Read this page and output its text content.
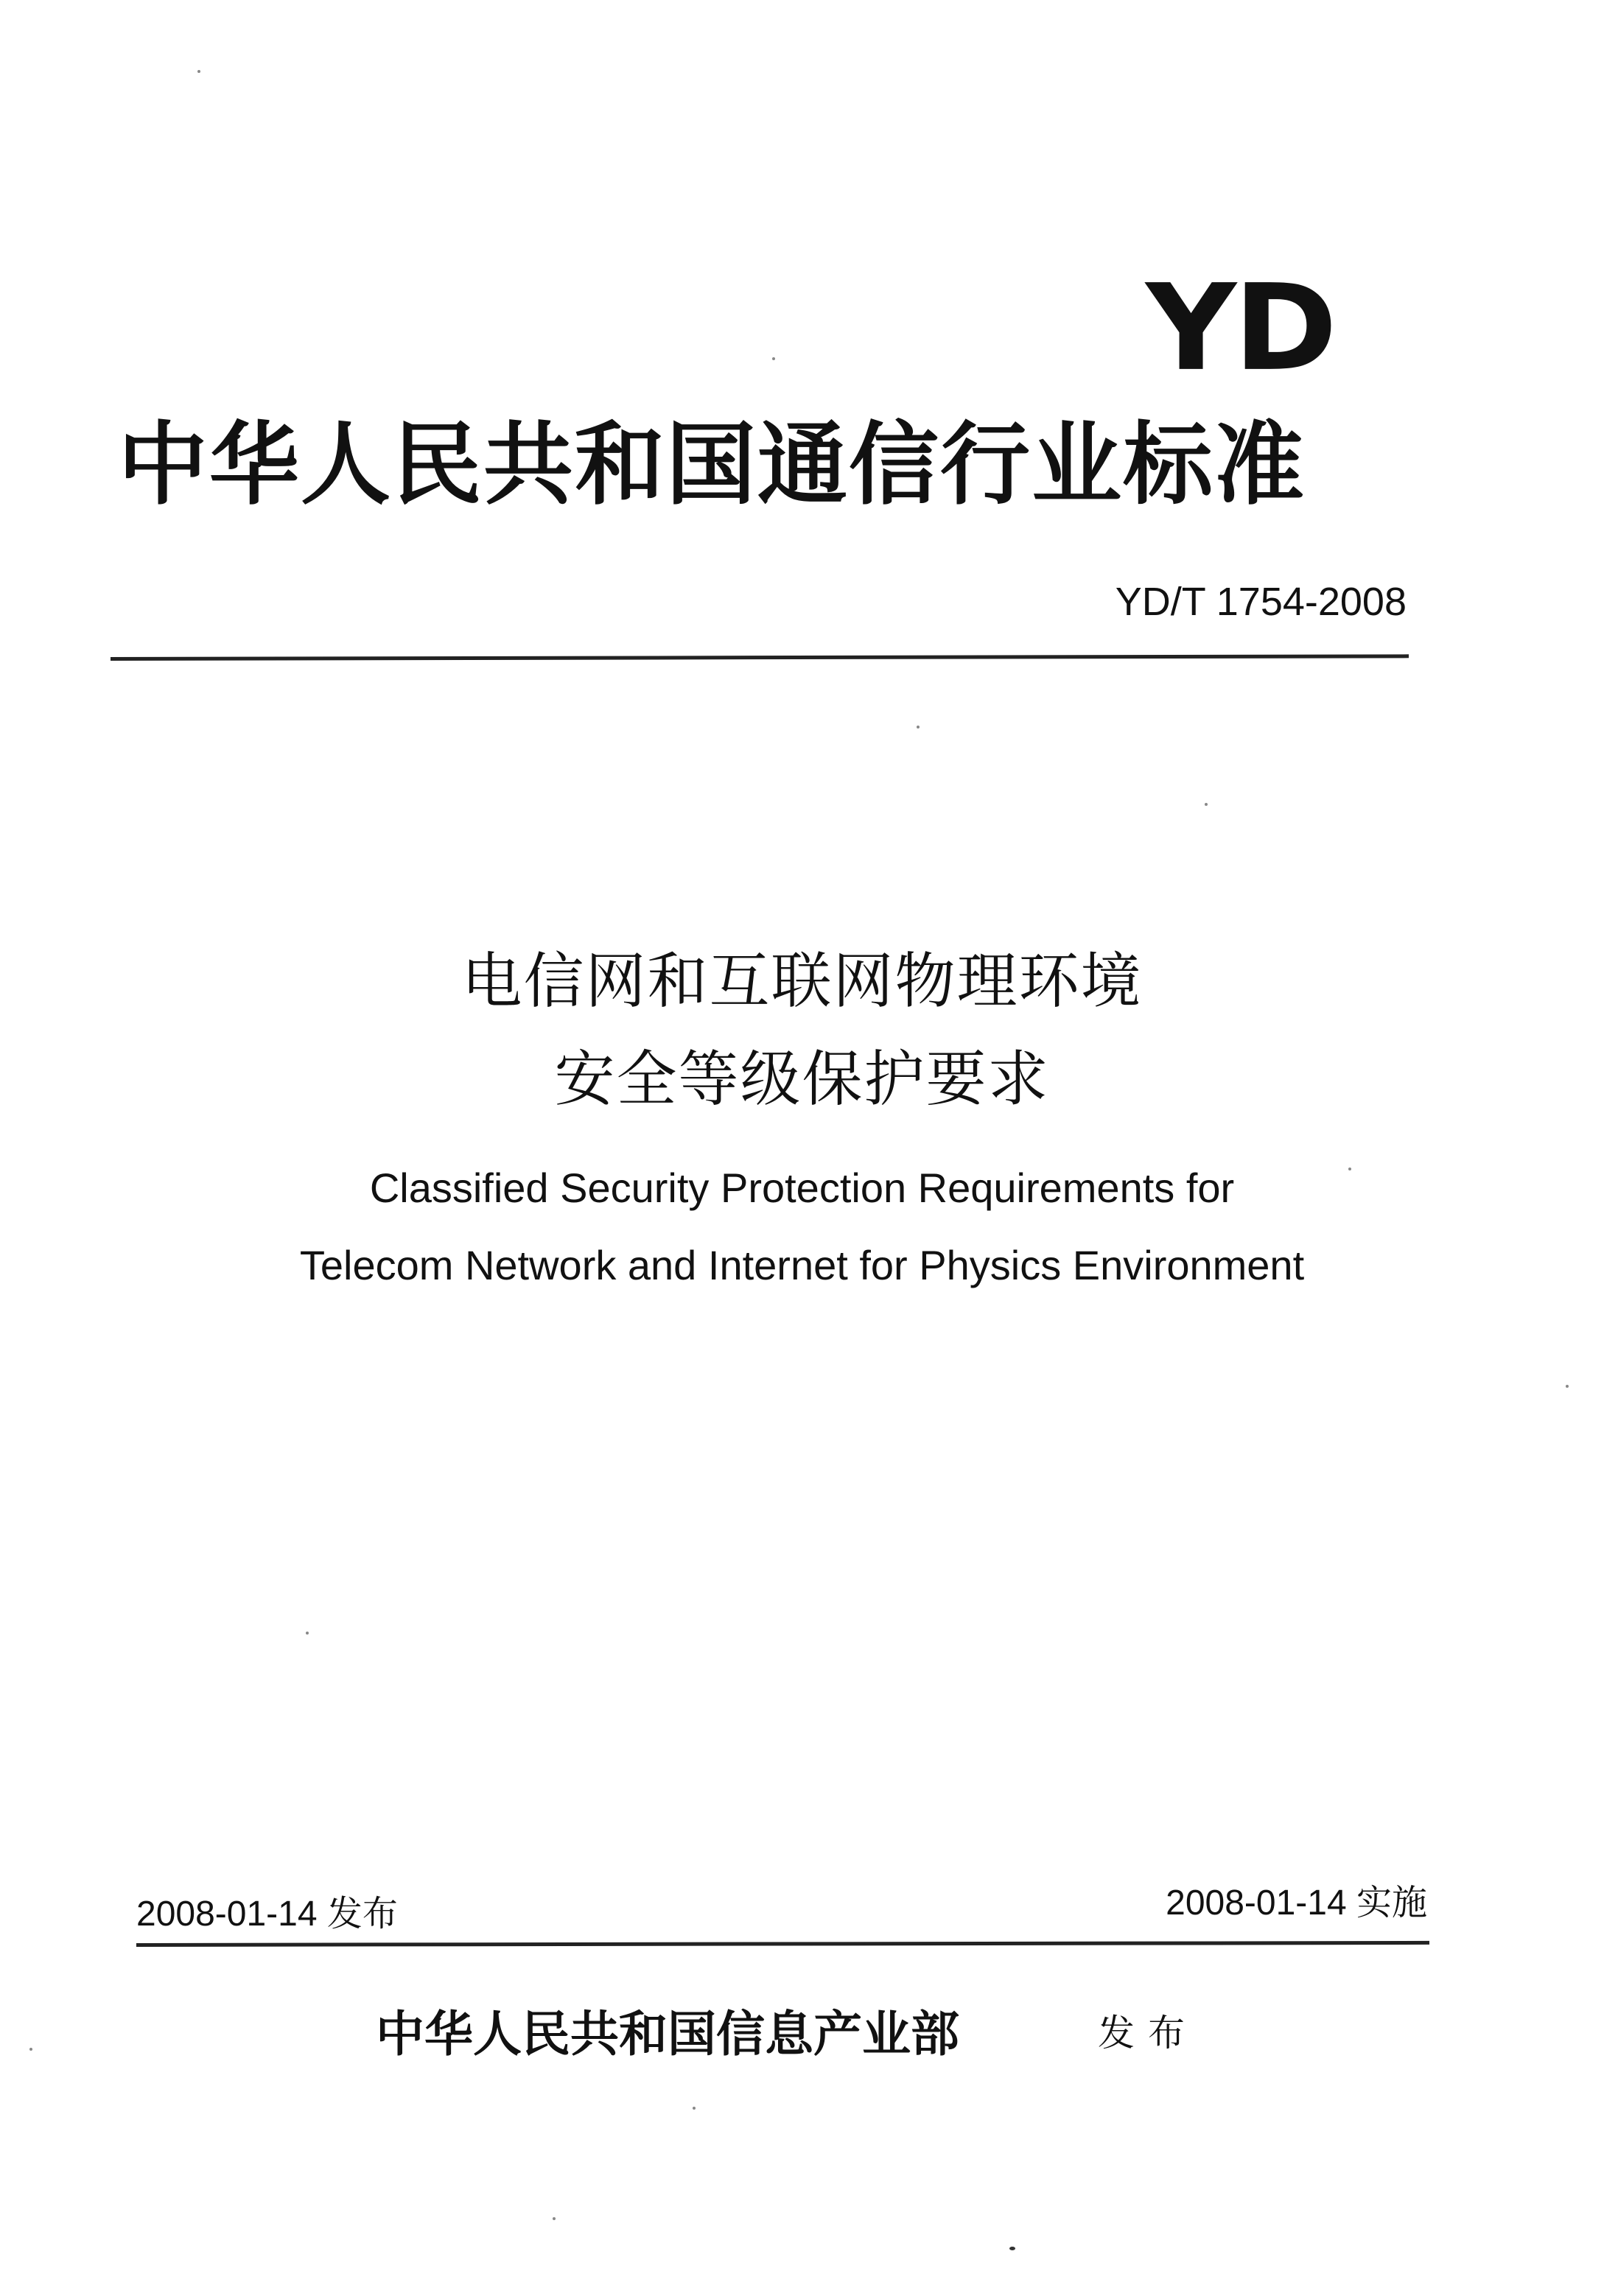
YD
中华人民共和国通信行业标准
YD/T 1754-2008
电信网和互联网物理环境
安全等级保护要求
Classified Security Protection Requirements for
Telecom Network and Internet for Physics Environment
2008-01-14 发布	2008-01-14 实施
中华人民共和国信息产业部	发布
